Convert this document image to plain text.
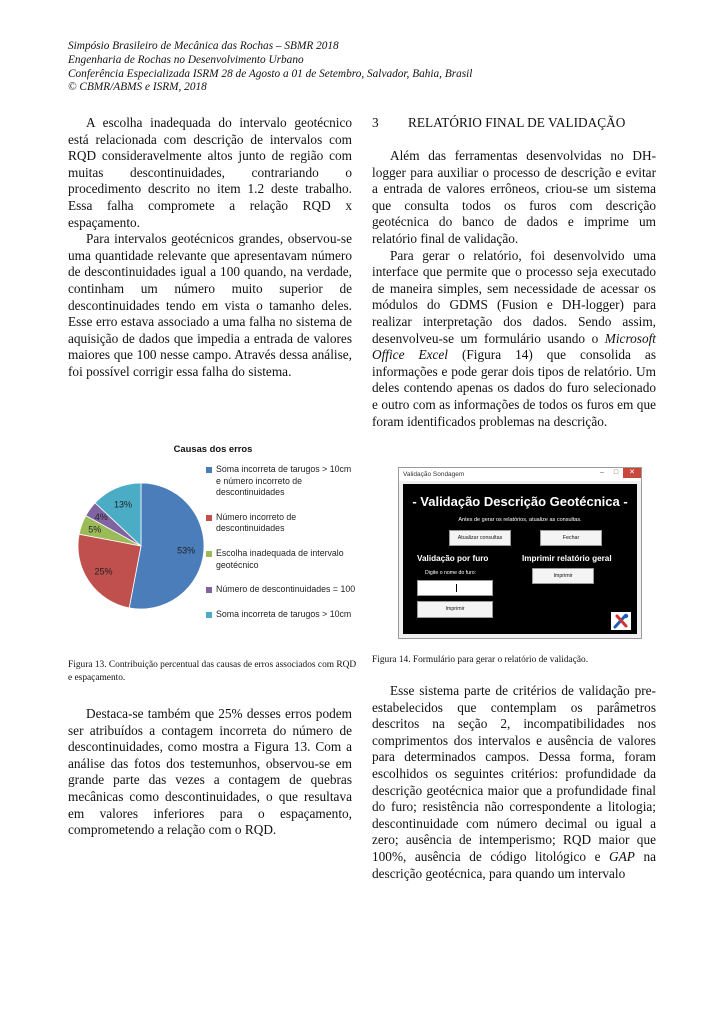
Simpósio Brasileiro de Mecânica das Rochas – SBMR 2018
Engenharia de Rochas no Desenvolvimento Urbano
Conferência Especializada ISRM 28 de Agosto a 01 de Setembro, Salvador, Bahia, Brasil
© CBMR/ABMS e ISRM, 2018

A escolha inadequada do intervalo geotécnico está relacionada com descrição de intervalos com RQD consideravelmente altos junto de região com muitas descontinuidades, contrariando o procedimento descrito no item 1.2 deste trabalho. Essa falha compromete a relação RQD x espaçamento.

Para intervalos geotécnicos grandes, observou-se uma quantidade relevante que apresentavam número de descontinuidades igual a 100 quando, na verdade, continham um número muito superior de descontinuidades tendo em vista o tamanho deles. Esse erro estava associado a uma falha no sistema de aquisição de dados que impedia a entrada de valores maiores que 100 nesse campo. Através dessa análise, foi possível corrigir essa falha do sistema.

Causas dos erros
53%
25%
5%
4%
13%
Soma incorreta de tarugos > 10cm e número incorreto de descontinuidades
Número incorreto de descontinuidades
Escolha inadequada de intervalo geotécnico
Número de descontinuidades = 100
Soma incorreta de tarugos > 10cm
Figura 13. Contribuição percentual das causas de erros associados com RQD e espaçamento.

Destaca-se também que 25% desses erros podem ser atribuídos a contagem incorreta do número de descontinuidades, como mostra a Figura 13. Com a análise das fotos dos testemunhos, observou-se em grande parte das vezes a contagem de quebras mecânicas como descontinuidades, o que resultava em valores inferiores para o espaçamento, comprometendo a relação com o RQD.

3 RELATÓRIO FINAL DE VALIDAÇÃO

Além das ferramentas desenvolvidas no DH-logger para auxiliar o processo de descrição e evitar a entrada de valores errôneos, criou-se um sistema que consulta todos os furos com descrição geotécnica do banco de dados e imprime um relatório final de validação.

Para gerar o relatório, foi desenvolvido uma interface que permite que o processo seja executado de maneira simples, sem necessidade de acessar os módulos do GDMS (Fusion e DH-logger) para realizar interpretação dos dados. Sendo assim, desenvolveu-se um formulário usando o Microsoft Office Excel (Figura 14) que consolida as informações e pode gerar dois tipos de relatório. Um deles contendo apenas os dados do furo selecionado e outro com as informações de todos os furos em que foram identificados problemas na descrição.

Validação Sondagem	–	□	✕
- Validação Descrição Geotécnica -
Antes de gerar os relatórios, atualize as consultas.
Atualizar consultas	Fechar
Validação por furo	Imprimir relatório geral
Digite o nome do furo:	Imprimir
Imprimir
Figura 14. Formulário para gerar o relatório de validação.

Esse sistema parte de critérios de validação pre-estabelecidos que contemplam os parâmetros descritos na seção 2, incompatibilidades nos comprimentos dos intervalos e ausência de valores para determinados campos. Dessa forma, foram escolhidos os seguintes critérios: profundidade da descrição geotécnica maior que a profundidade final do furo; resistência não correspondente a litologia; descontinuidade com número decimal ou igual a zero; ausência de intemperismo; RQD maior que 100%, ausência de código litológico e GAP na descrição geotécnica, para quando um intervalo
